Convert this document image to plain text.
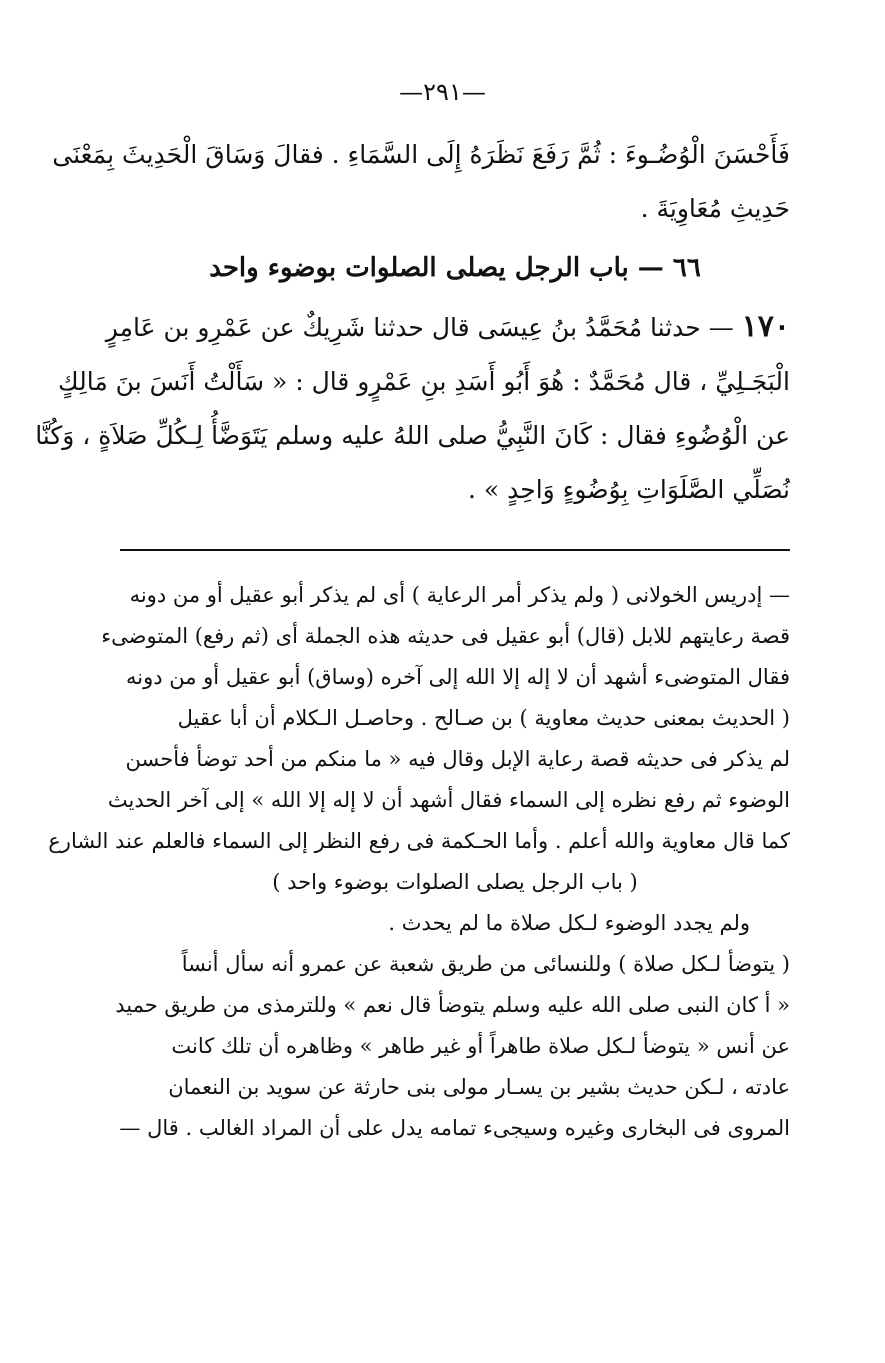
—٢٩١—
فَأَحْسَنَ الْوُضُـوءَ : ثُمَّ رَفَعَ نَظَرَهُ إِلَى السَّمَاءِ . فقالَ وَسَاقَ الْحَدِيثَ بِمَعْنَى
حَدِيثِ مُعَاوِيَةَ .
٦٦ — باب الرجل يصلى الصلوات بوضوء واحد
١٧٠ — حدثنا مُحَمَّدُ بنُ عِيسَى قال حدثنا شَرِيكٌ عن عَمْرِو بن عَامِرٍ
الْبَجَـلِيِّ ، قال مُحَمَّدٌ : هُوَ أَبُو أَسَدِ بنِ عَمْرٍو قال : « سَأَلْتُ أَنَسَ بنَ مَالِكٍ
عن الْوُضُوءِ فقال : كَانَ النَّبِيُّ صلى اللهُ عليه وسلم يَتَوَضَّأُ لِـكُلِّ صَلاَةٍ ، وَكُنَّا
نُصَلِّي الصَّلَوَاتِ بِوُضُوءٍ وَاحِدٍ » .
— إدريس الخولانى ( ولم يذكر أمر الرعاية ) أى لم يذكر أبو عقيل أو من دونه
قصة رعايتهم للابل (قال) أبو عقيل فى حديثه هذه الجملة أى (ثم رفع) المتوضىء
فقال المتوضىء أشهد أن لا إله إلا الله إلى آخره (وساق) أبو عقيل أو من دونه
( الحديث بمعنى حديث معاوية ) بن صـالح . وحاصـل الـكلام أن أبا عقيل
لم يذكر فى حديثه قصة رعاية الإبل وقال فيه « ما منكم من أحد توضأ فأحسن
الوضوء ثم رفع نظره إلى السماء فقال أشهد أن لا إله إلا الله » إلى آخر الحديث
كما قال معاوية والله أعلم . وأما الحـكمة فى رفع النظر إلى السماء فالعلم عند الشارع
( باب الرجل يصلى الصلوات بوضوء واحد )
ولم يجدد الوضوء لـكل صلاة ما لم يحدث .
( يتوضأ لـكل صلاة ) وللنسائى من طريق شعبة عن عمرو أنه سأل أنساً
« أ كان النبى صلى الله عليه وسلم يتوضأ قال نعم » وللترمذى من طريق حميد
عن أنس « يتوضأ لـكل صلاة طاهراً أو غير طاهر » وظاهره أن تلك كانت
عادته ، لـكن حديث بشير بن يسـار مولى بنى حارثة عن سويد بن النعمان
المروى فى البخارى وغيره وسيجىء تمامه يدل على أن المراد الغالب . قال —
